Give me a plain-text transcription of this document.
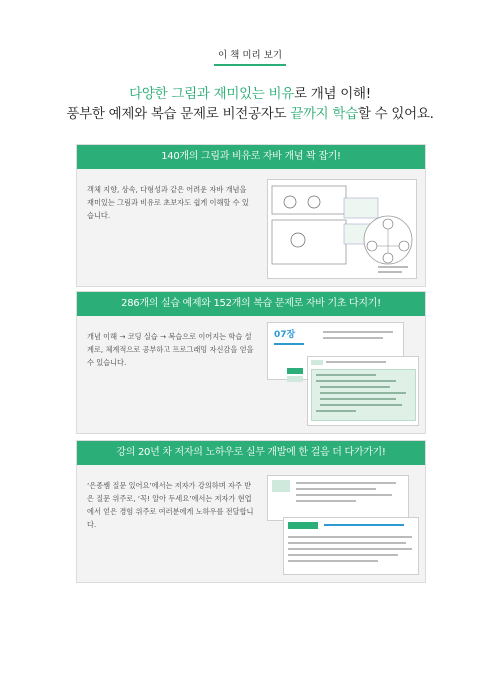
이 책 미리 보기
다양한 그림과 재미있는 비유로 개념 이해!
풍부한 예제와 복습 문제로 비전공자도 끝까지 학습할 수 있어요.
140개의 그림과 비유로 자바 개념 꽉 잡기!
객체 지향, 상속, 다형성과 같은 어려운 자바 개념을 재미있는 그림과 비유로 초보자도 쉽게 이해할 수 있습니다.
286개의 실습 예제와 152개의 복습 문제로 자바 기초 다지기!
개념 이해 → 코딩 실습 → 복습으로 이어지는 학습 설계로, 체계적으로 공부하고 프로그래밍 자신감을 얻을 수 있습니다.
07장
강의 20년 차 저자의 노하우로 실무 개발에 한 걸음 더 다가가기!
‘은종쌤 질문 있어요’에서는 저자가 강의하며 자주 받은 질문 위주로, ‘꼭! 알아 두세요’에서는 저자가 현업에서 얻은 경험 위주로 여러분에게 노하우를 전달합니다.
